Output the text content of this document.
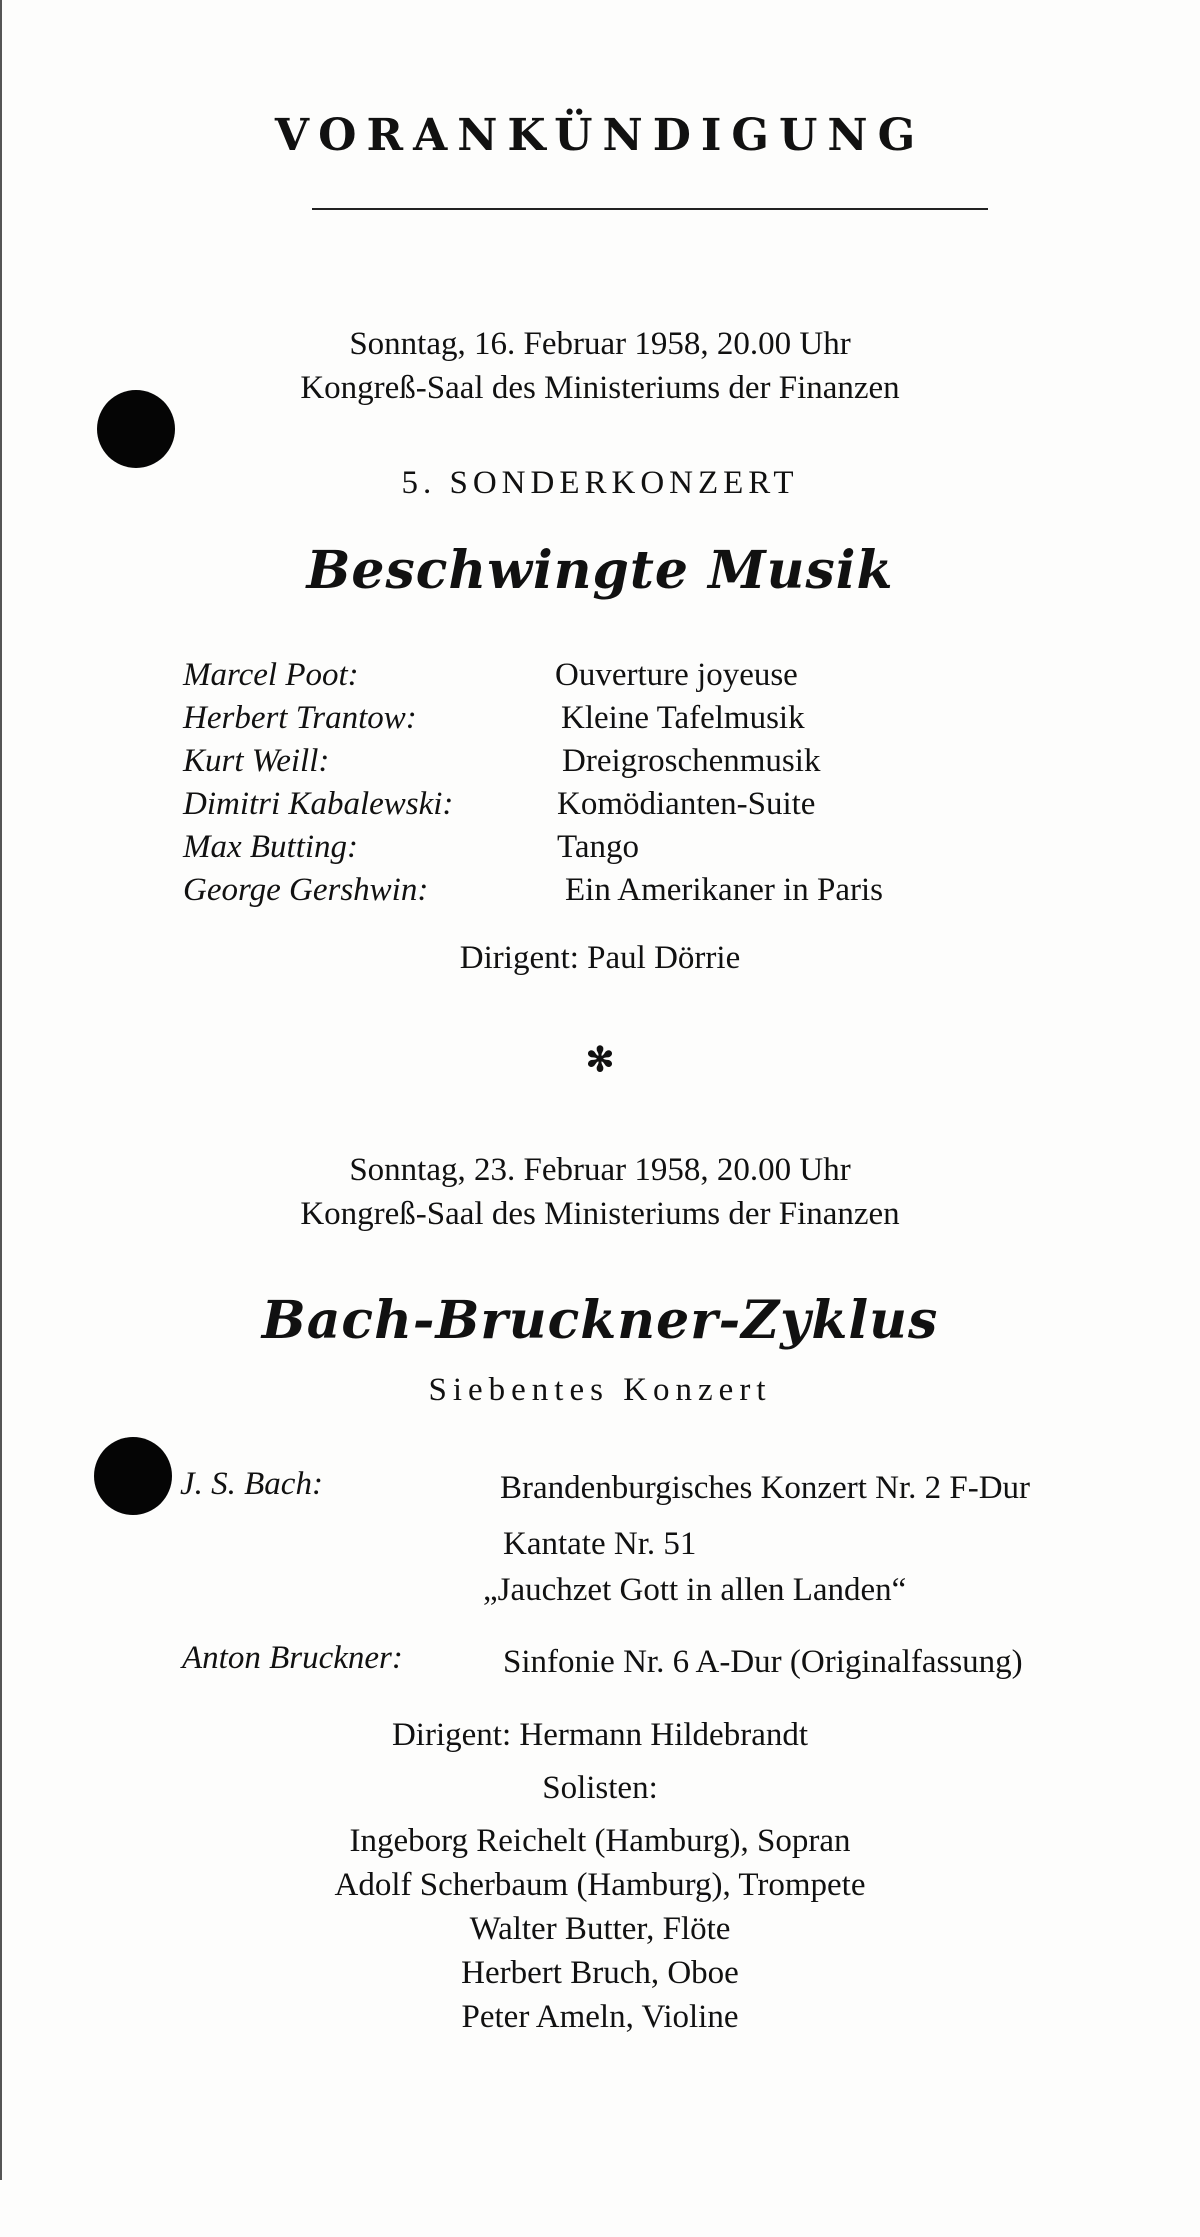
VORANKÜNDIGUNG
Sonntag, 16. Februar 1958, 20.00 Uhr
Kongreß-Saal des Ministeriums der Finanzen
5. SONDERKONZERT
Beschwingte Musik
Marcel Poot:	Ouverture joyeuse
Herbert Trantow:	Kleine Tafelmusik
Kurt Weill:	Dreigroschenmusik
Dimitri Kabalewski:	Komödianten-Suite
Max Butting:	Tango
George Gershwin:	Ein Amerikaner in Paris
Dirigent: Paul Dörrie
✻
Sonntag, 23. Februar 1958, 20.00 Uhr
Kongreß-Saal des Ministeriums der Finanzen
Bach-Bruckner-Zyklus
Siebentes Konzert
J. S. Bach:	Brandenburgisches Konzert Nr. 2 F-Dur
Kantate Nr. 51
„Jauchzet Gott in allen Landen“
Anton Bruckner:	Sinfonie Nr. 6 A-Dur (Originalfassung)
Dirigent: Hermann Hildebrandt
Solisten:
Ingeborg Reichelt (Hamburg), Sopran
Adolf Scherbaum (Hamburg), Trompete
Walter Butter, Flöte
Herbert Bruch, Oboe
Peter Ameln, Violine
